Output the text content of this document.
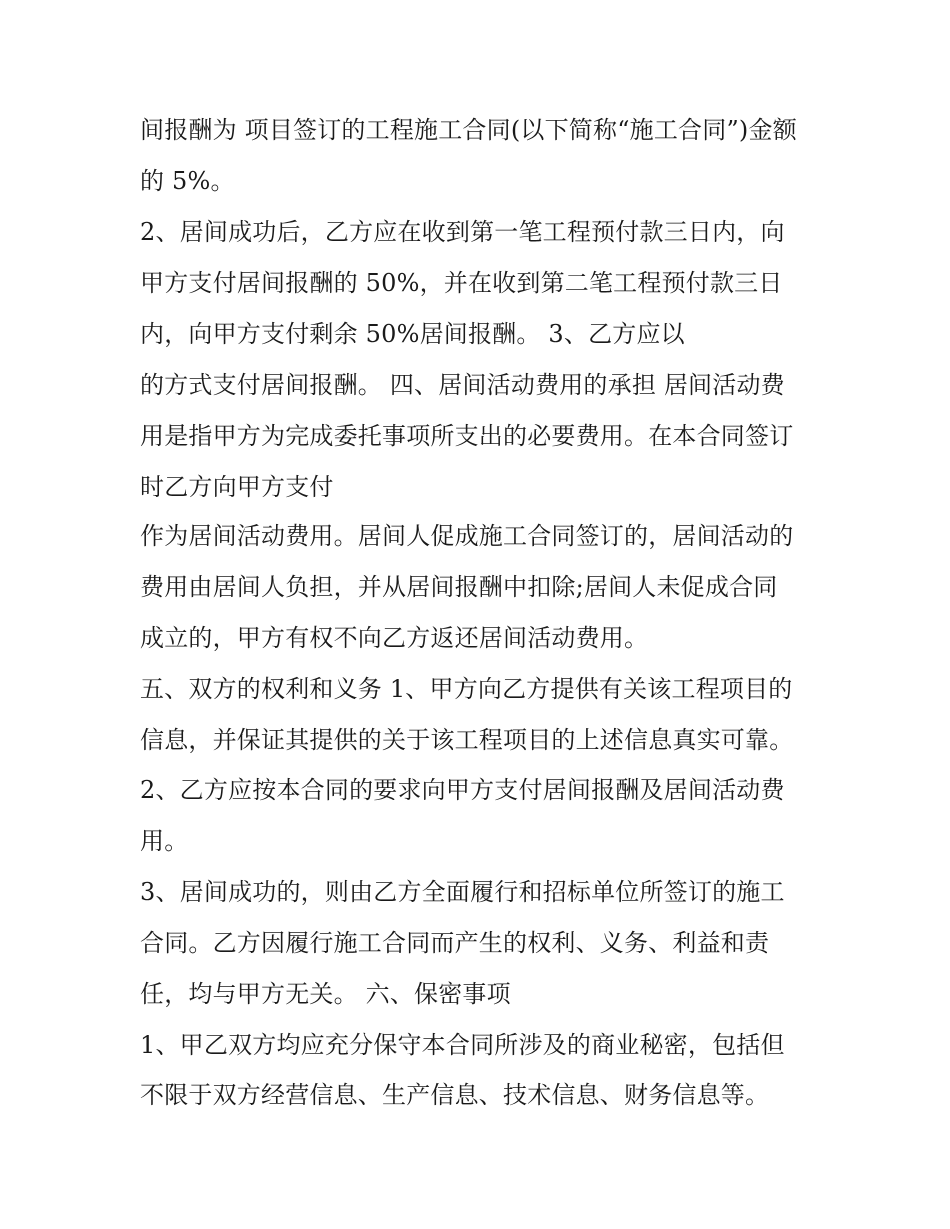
间报酬为 项目签订的工程施工合同(以下简称“施工合同”)金额
的 5%。
2、居间成功后，乙方应在收到第一笔工程预付款三日内，向
甲方支付居间报酬的 50%，并在收到第二笔工程预付款三日
内，向甲方支付剩余 50%居间报酬。 3、乙方应以
的方式支付居间报酬。 四、居间活动费用的承担 居间活动费
用是指甲方为完成委托事项所支出的必要费用。在本合同签订
时乙方向甲方支付
作为居间活动费用。居间人促成施工合同签订的，居间活动的
费用由居间人负担，并从居间报酬中扣除;居间人未促成合同
成立的，甲方有权不向乙方返还居间活动费用。
五、双方的权利和义务 1、甲方向乙方提供有关该工程项目的
信息，并保证其提供的关于该工程项目的上述信息真实可靠。
2、乙方应按本合同的要求向甲方支付居间报酬及居间活动费
用。
3、居间成功的，则由乙方全面履行和招标单位所签订的施工
合同。乙方因履行施工合同而产生的权利、义务、利益和责
任，均与甲方无关。 六、保密事项
1、甲乙双方均应充分保守本合同所涉及的商业秘密，包括但
不限于双方经营信息、生产信息、技术信息、财务信息等。
